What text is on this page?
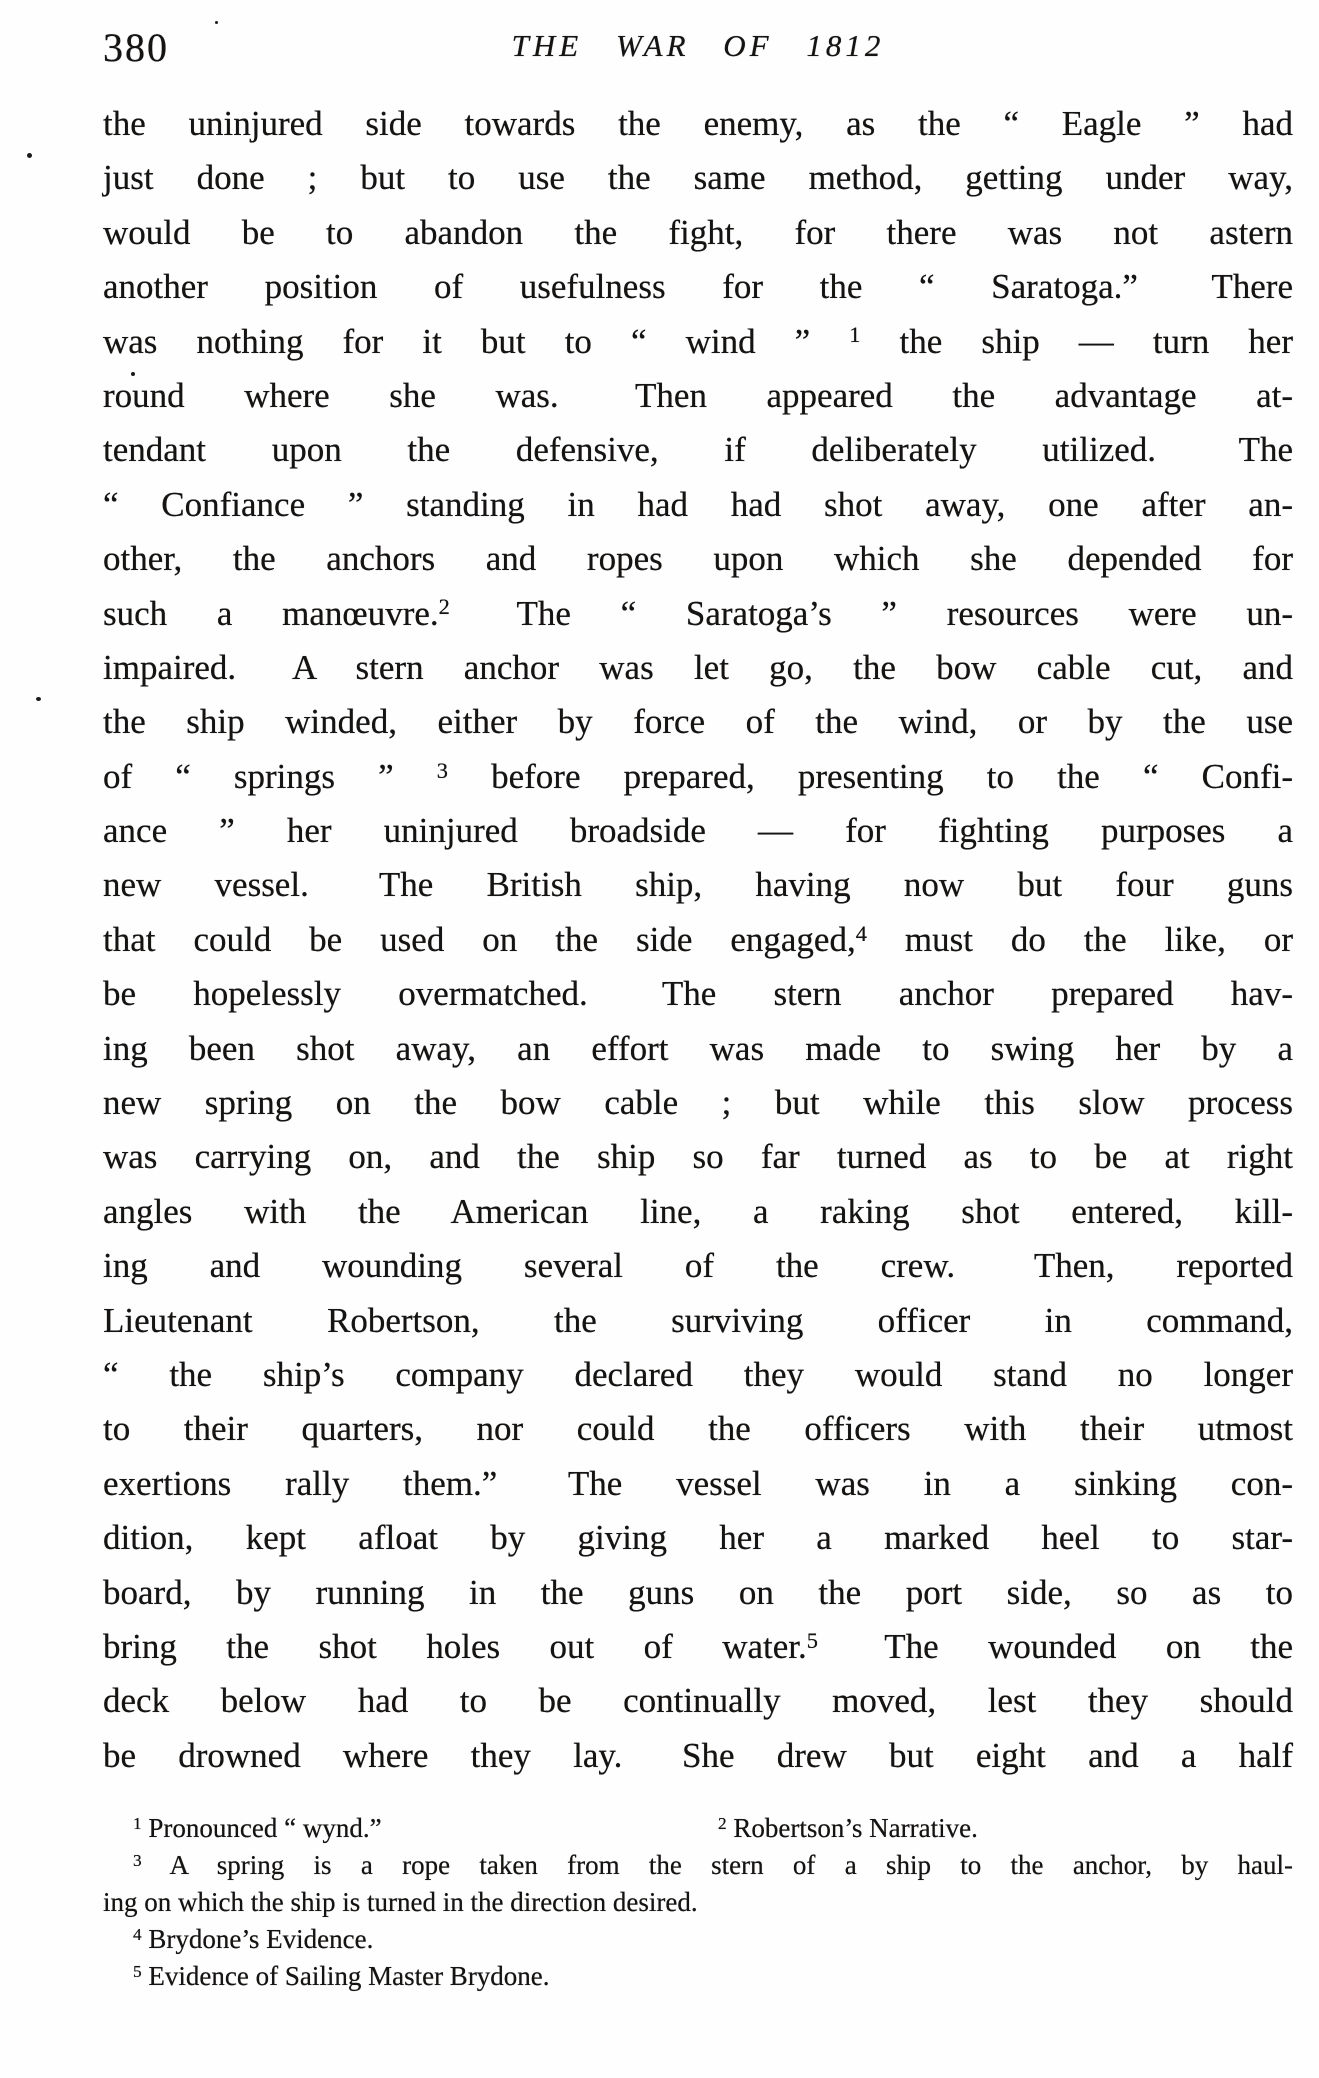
380	THE WAR OF 1812
the uninjured side towards the enemy, as the “ Eagle ” had
just done ; but to use the same method, getting under way,
would be to abandon the fight, for there was not astern
another position of usefulness for the “ Saratoga.”  There
was nothing for it but to “ wind ” $^1$ the ship — turn her
round where she was.  Then appeared the advantage at-
tendant upon the defensive, if deliberately utilized.  The
“ Confiance ” standing in had had shot away, one after an-
other, the anchors and ropes upon which she depended for
such a manœuvre.$^2$  The “ Saratoga’s ” resources were un-
impaired.  A stern anchor was let go, the bow cable cut, and
the ship winded, either by force of the wind, or by the use
of “ springs ” $^3$ before prepared, presenting to the “ Confi-
ance ” her uninjured broadside — for fighting purposes a
new vessel.  The British ship, having now but four guns
that could be used on the side engaged,$^4$ must do the like, or
be hopelessly overmatched.  The stern anchor prepared hav-
ing been shot away, an effort was made to swing her by a
new spring on the bow cable ; but while this slow process
was carrying on, and the ship so far turned as to be at right
angles with the American line, a raking shot entered, kill-
ing and wounding several of the crew.  Then, reported
Lieutenant Robertson, the surviving officer in command,
“ the ship’s company declared they would stand no longer
to their quarters, nor could the officers with their utmost
exertions rally them.”  The vessel was in a sinking con-
dition, kept afloat by giving her a marked heel to star-
board, by running in the guns on the port side, so as to
bring the shot holes out of water.$^5$  The wounded on the
deck below had to be continually moved, lest they should
be drowned where they lay.  She drew but eight and a half
$^1$ Pronounced “ wynd.”	$^2$ Robertson’s Narrative.
$^3$ A spring is a rope taken from the stern of a ship to the anchor, by haul-
ing on which the ship is turned in the direction desired.
$^4$ Brydone’s Evidence.
$^5$ Evidence of Sailing Master Brydone.
